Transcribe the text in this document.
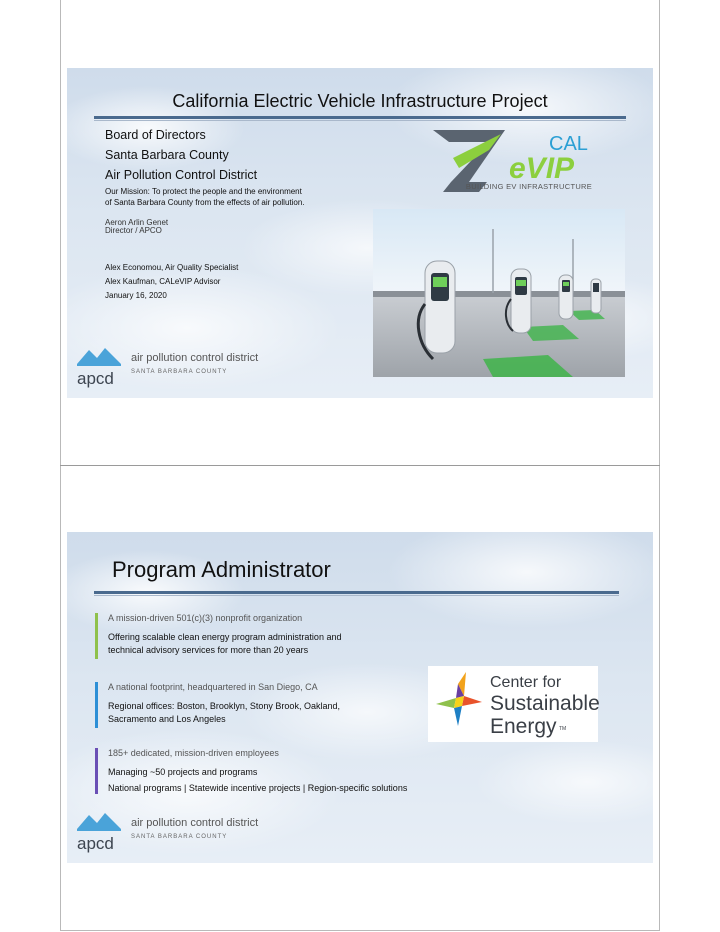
California Electric Vehicle Infrastructure Project
Board of Directors
Santa Barbara County
Air Pollution Control District
Our Mission: To protect the people and the environment
of Santa Barbara County from the effects of air pollution.
Aeron Arlin Genet
Director / APCO
Alex Economou, Air Quality Specialist
Alex Kaufman, CALeVIP Advisor
January 16, 2020
CAL
eVIP
BUILDING EV INFRASTRUCTURE
apcd
air pollution control district
SANTA BARBARA COUNTY
Program Administrator
A mission-driven 501(c)(3) nonprofit organization
Offering scalable clean energy program administration and
technical advisory services for more than 20 years
A national footprint, headquartered in San Diego, CA
Regional offices: Boston, Brooklyn, Stony Brook, Oakland,
Sacramento and Los Angeles
185+ dedicated, mission-driven employees
Managing ~50 projects and programs
National programs | Statewide incentive projects | Region-specific solutions
Center for
Sustainable
Energy TM
apcd
air pollution control district
SANTA BARBARA COUNTY
